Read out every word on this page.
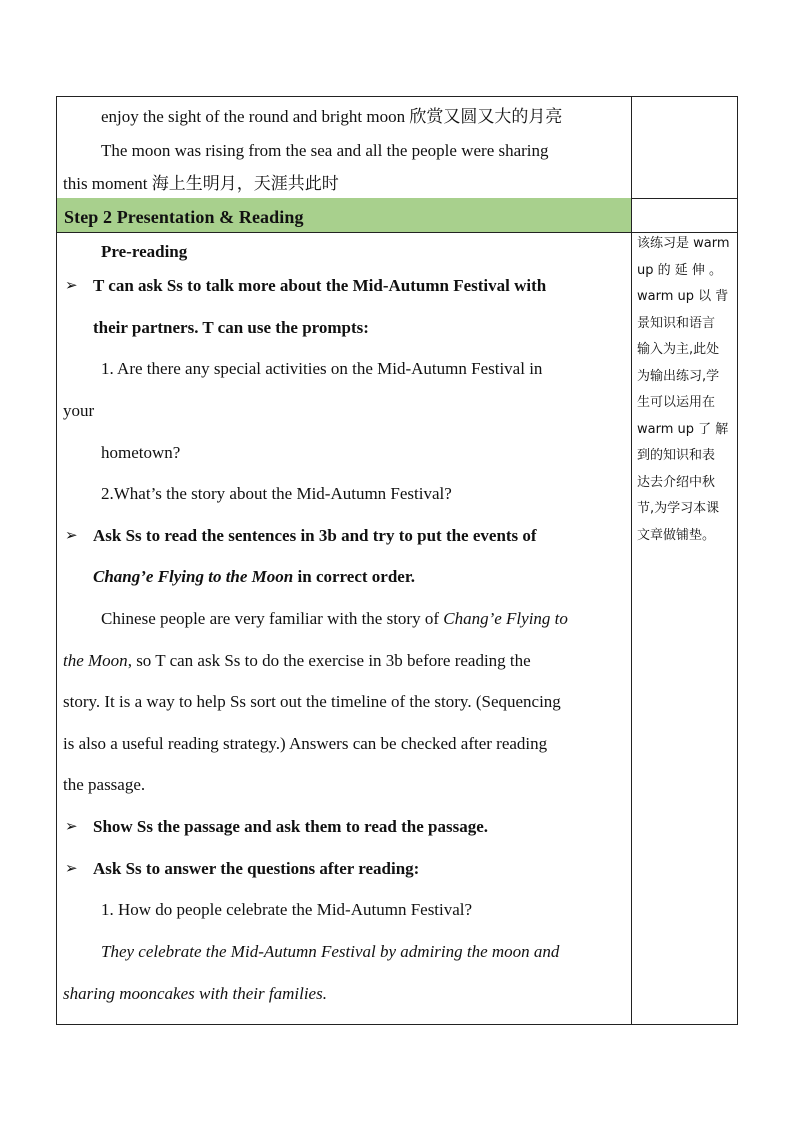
enjoy the sight of the round and bright moon 欣赏又圆又大的月亮
The moon was rising from the sea and all the people were sharing
this moment 海上生明月，天涯共此时
Step 2 Presentation & Reading
Pre-reading
➢ T can ask Ss to talk more about the Mid-Autumn Festival with
their partners. T can use the prompts:
1. Are there any special activities on the Mid-Autumn Festival in
your
hometown?
2.What’s the story about the Mid-Autumn Festival?
➢ Ask Ss to read the sentences in 3b and try to put the events of
Chang’e Flying to the Moon in correct order.
Chinese people are very familiar with the story of Chang’e Flying to
the Moon, so T can ask Ss to do the exercise in 3b before reading the
story. It is a way to help Ss sort out the timeline of the story. (Sequencing
is also a useful reading strategy.) Answers can be checked after reading
the passage.
➢ Show Ss the passage and ask them to read the passage.
➢ Ask Ss to answer the questions after reading:
1. How do people celebrate the Mid-Autumn Festival?
They celebrate the Mid-Autumn Festival by admiring the moon and
sharing mooncakes with their families.
该练习是 warm
up 的 延 伸 。
warm up 以 背
景知识和语言
输入为主,此处
为输出练习,学
生可以运用在
warm up 了 解
到的知识和表
达去介绍中秋
节,为学习本课
文章做铺垫。
